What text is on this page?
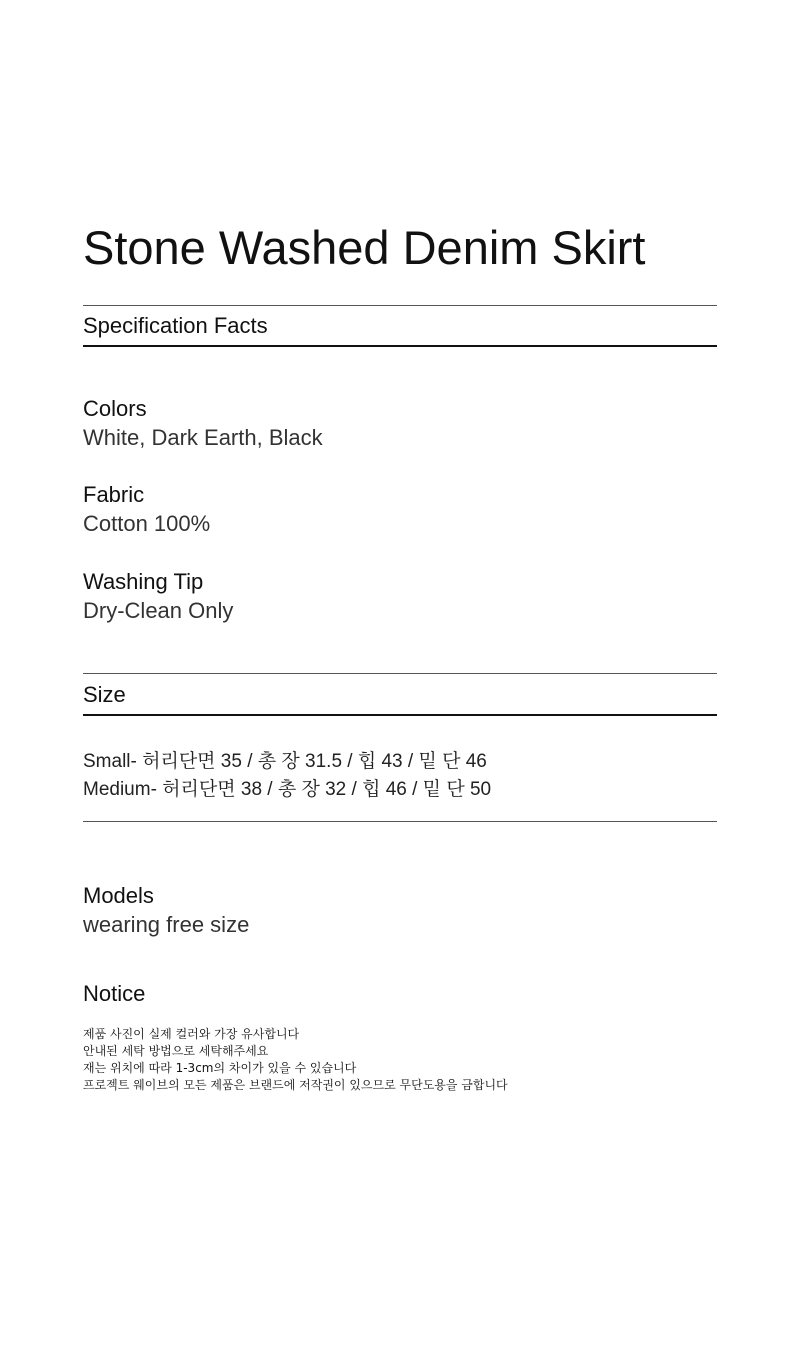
Stone Washed Denim Skirt
Specification Facts
Colors
White, Dark Earth, Black
Fabric
Cotton 100%
Washing Tip
Dry-Clean Only
Size
Small- 허리단면 35 / 총 장 31.5 / 힙 43 / 밑 단 46
Medium- 허리단면 38 / 총 장 32 / 힙 46 / 밑 단 50
Models
wearing free size
Notice
제품 사진이 실제 컬러와 가장 유사합니다
안내된 세탁 방법으로 세탁해주세요
재는 위치에 따라 1-3cm의 차이가 있을 수 있습니다
프로젝트 웨이브의 모든 제품은 브랜드에 저작권이 있으므로 무단도용을 금합니다
